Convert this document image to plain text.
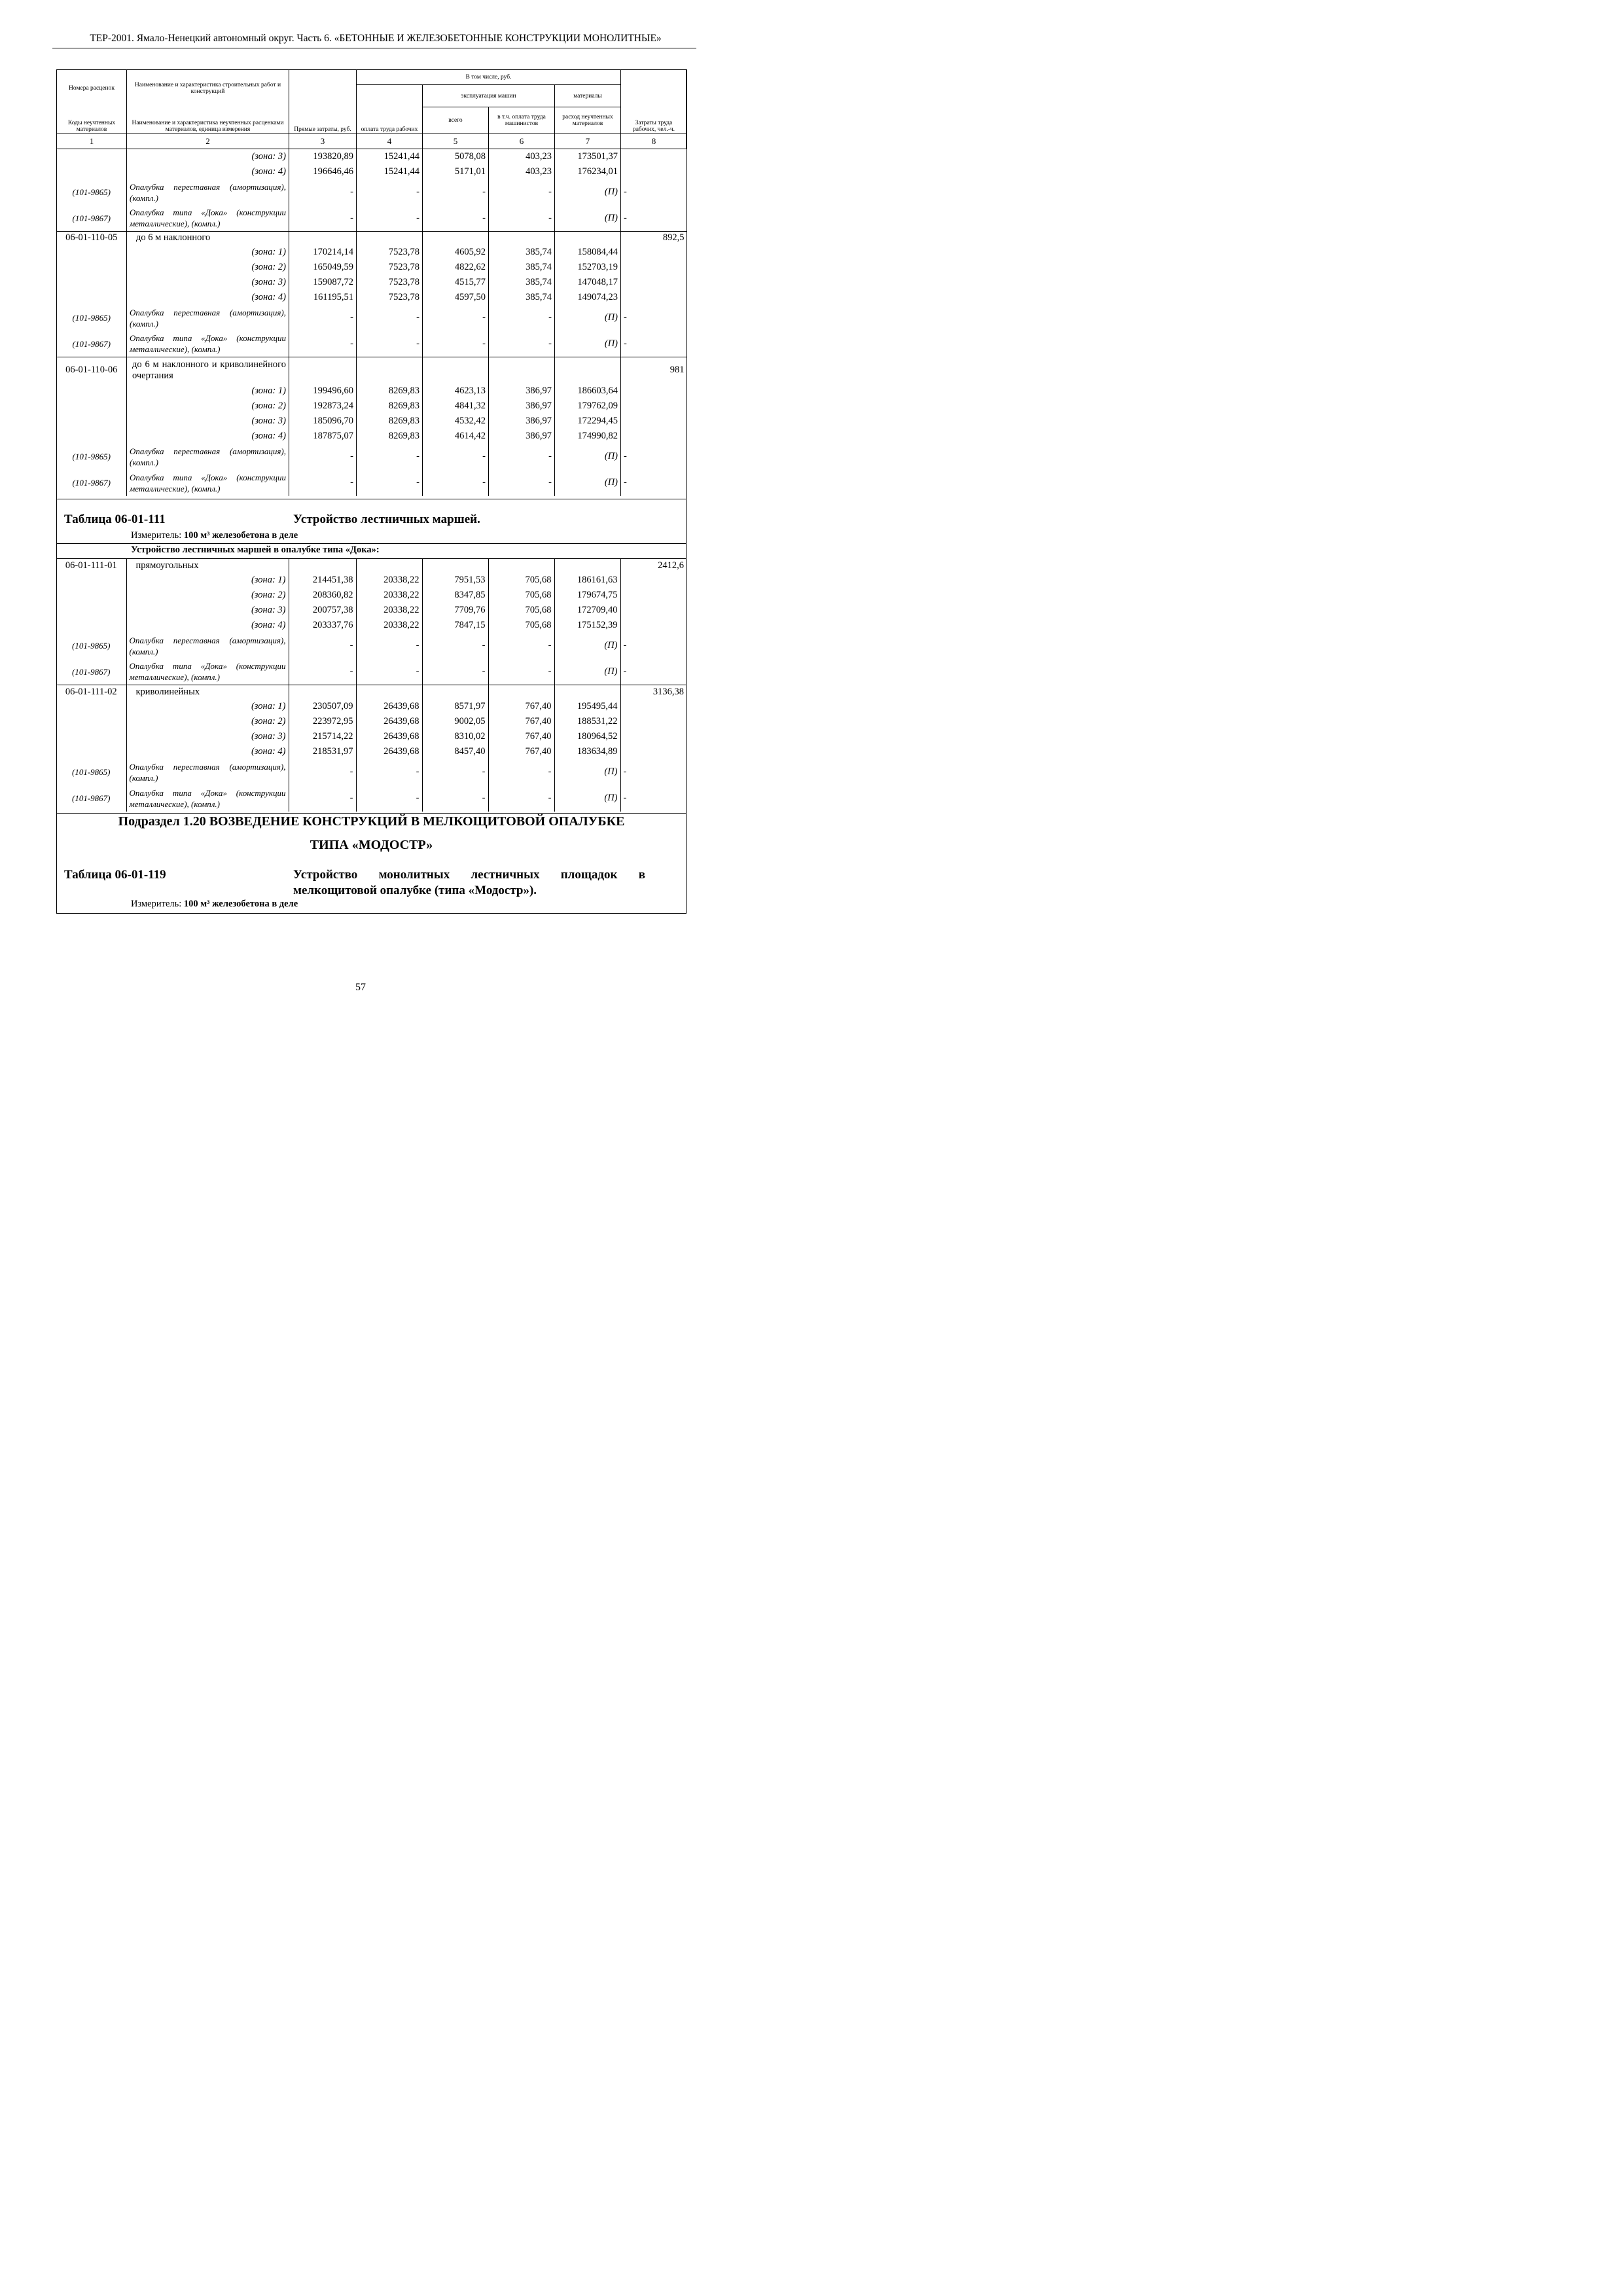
ТЕР-2001. Ямало-Ненецкий автономный округ. Часть 6. «БЕТОННЫЕ И ЖЕЛЕЗОБЕТОННЫЕ КОНСТРУКЦИИ МОНОЛИТНЫЕ»
Номера расценок	Наименование и характеристика строительных работ и конструкций	Прямые затраты, руб.	В том числе, руб.				Затраты труда рабочих, чел.-ч.
			оплата труда рабочих	эксплуатация машин		материалы	
Коды неучтенных материалов	Наименование и характеристика неучтенных расценками материалов, единица измерения			всего	в т.ч. оплата труда машинистов	расход неучтенных материалов	

1	2	3	4	5	6	7	8
	(зона: 3)	193820,89	15241,44	5078,08	403,23	173501,37	
	(зона: 4)	196646,46	15241,44	5171,01	403,23	176234,01	
(101-9865)	Опалубка переставная (амортизация), (компл.)	-	-	-	-	(П)	-
(101-9867)	Опалубка типа «Дока» (конструкции металлические), (компл.)	-	-	-	-	(П)	-
06-01-110-05	до 6 м наклонного						892,5
	(зона: 1)	170214,14	7523,78	4605,92	385,74	158084,44	
	(зона: 2)	165049,59	7523,78	4822,62	385,74	152703,19	
	(зона: 3)	159087,72	7523,78	4515,77	385,74	147048,17	
	(зона: 4)	161195,51	7523,78	4597,50	385,74	149074,23	
(101-9865)	Опалубка переставная (амортизация), (компл.)	-	-	-	-	(П)	-
(101-9867)	Опалубка типа «Дока» (конструкции металлические), (компл.)	-	-	-	-	(П)	-
06-01-110-06	до 6 м наклонного и криволинейного очертания						981
	(зона: 1)	199496,60	8269,83	4623,13	386,97	186603,64	
	(зона: 2)	192873,24	8269,83	4841,32	386,97	179762,09	
	(зона: 3)	185096,70	8269,83	4532,42	386,97	172294,45	
	(зона: 4)	187875,07	8269,83	4614,42	386,97	174990,82	
(101-9865)	Опалубка переставная (амортизация), (компл.)	-	-	-	-	(П)	-
(101-9867)	Опалубка типа «Дока» (конструкции металлические), (компл.)	-	-	-	-	(П)	-
Таблица 06-01-111	Устройство лестничных маршей.
Измеритель: 100 м³ железобетона в деле
Устройство лестничных маршей в опалубке типа «Дока»:
06-01-111-01	прямоугольных						2412,6
	(зона: 1)	214451,38	20338,22	7951,53	705,68	186161,63	
	(зона: 2)	208360,82	20338,22	8347,85	705,68	179674,75	
	(зона: 3)	200757,38	20338,22	7709,76	705,68	172709,40	
	(зона: 4)	203337,76	20338,22	7847,15	705,68	175152,39	
(101-9865)	Опалубка переставная (амортизация), (компл.)	-	-	-	-	(П)	-
(101-9867)	Опалубка типа «Дока» (конструкции металлические), (компл.)	-	-	-	-	(П)	-
06-01-111-02	криволинейных						3136,38
	(зона: 1)	230507,09	26439,68	8571,97	767,40	195495,44	
	(зона: 2)	223972,95	26439,68	9002,05	767,40	188531,22	
	(зона: 3)	215714,22	26439,68	8310,02	767,40	180964,52	
	(зона: 4)	218531,97	26439,68	8457,40	767,40	183634,89	
(101-9865)	Опалубка переставная (амортизация), (компл.)	-	-	-	-	(П)	-
(101-9867)	Опалубка типа «Дока» (конструкции металлические), (компл.)	-	-	-	-	(П)	-
Подраздел 1.20 ВОЗВЕДЕНИЕ КОНСТРУКЦИЙ В МЕЛКОЩИТОВОЙ ОПАЛУБКЕ
ТИПА «МОДОСТР»
Таблица 06-01-119	Устройство монолитных лестничных площадок в
мелкощитовой опалубке (типа «Модостр»).
Измеритель: 100 м³ железобетона в деле
57
